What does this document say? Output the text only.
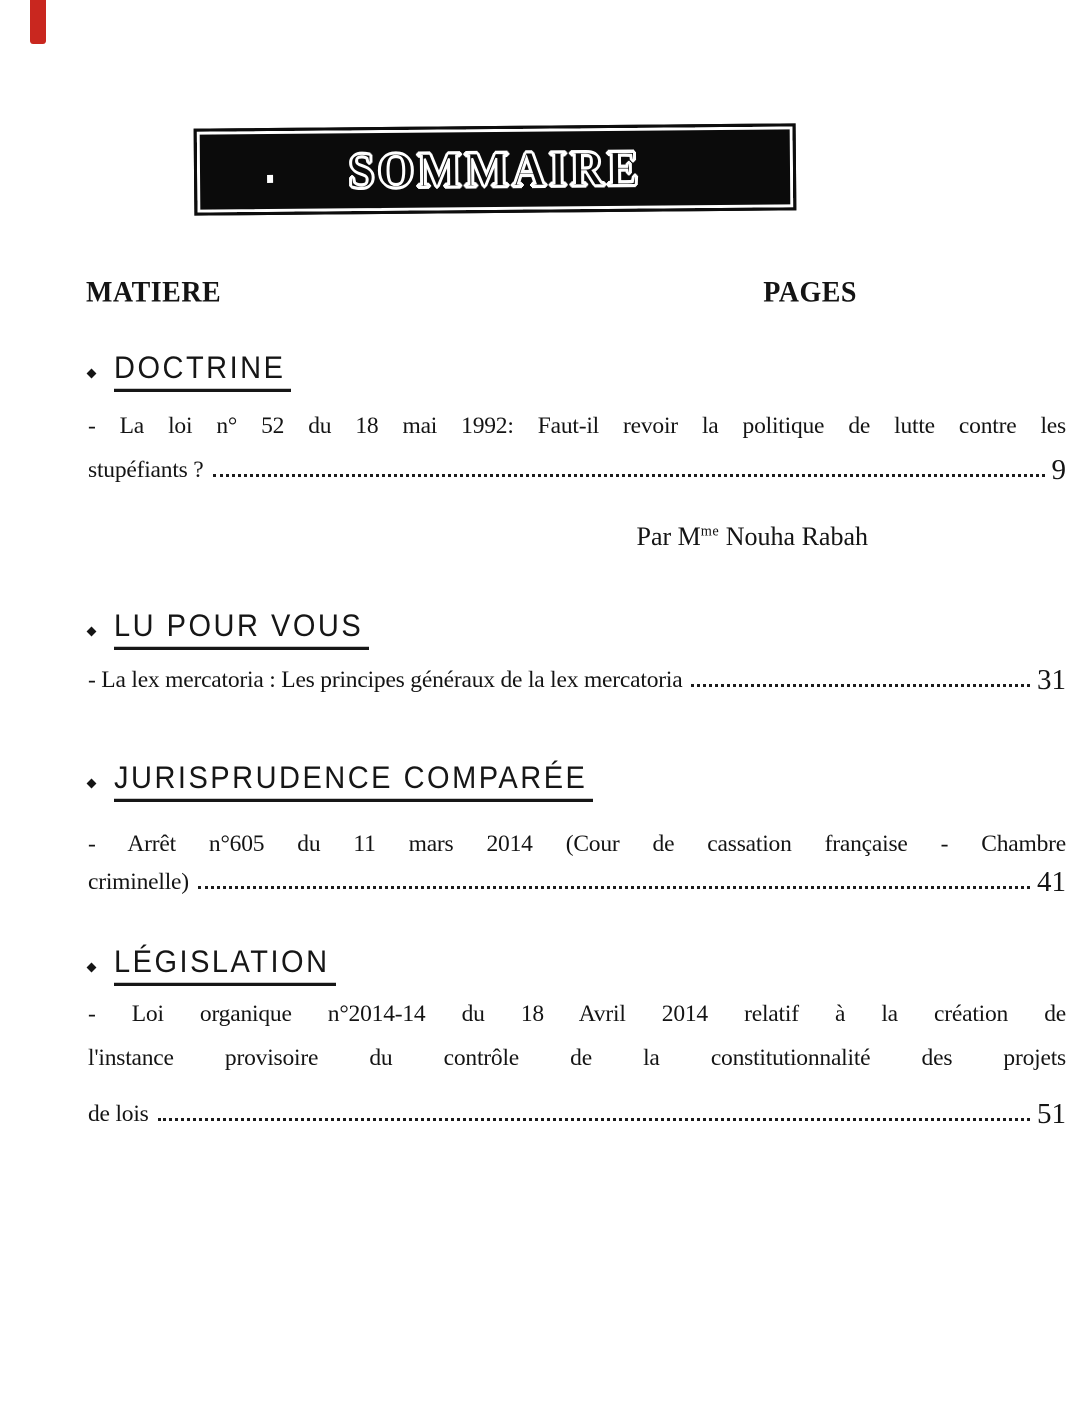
SOMMAIRE
MATIERE	PAGES
DOCTRINE
- La loi n° 52 du 18 mai 1992: Faut-il revoir la politique de lutte contre les
stupéfiants ?	9
Par $M^{me}$ Nouha Rabah
LU POUR VOUS
- La lex mercatoria : Les principes généraux de la lex mercatoria	31
JURISPRUDENCE COMPARÉE
- Arrêt n°605 du 11 mars 2014 (Cour de cassation française - Chambre
criminelle)	41
LÉGISLATION
- Loi organique n°2014-14 du 18 Avril 2014 relatif à la création de
l'instance provisoire du contrôle de la constitutionnalité des projets
de lois	51
